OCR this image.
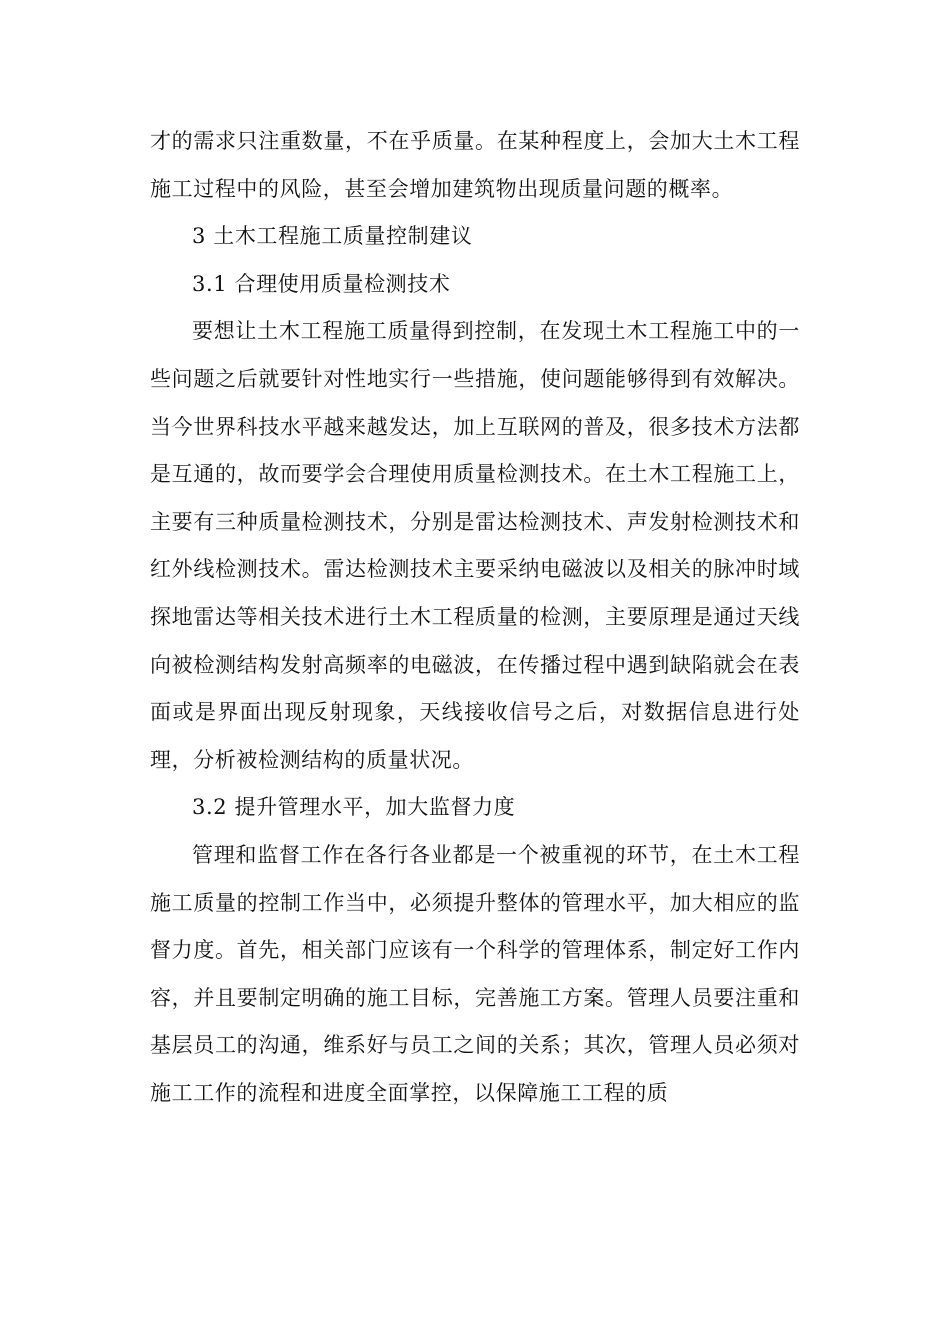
才的需求只注重数量，不在乎质量。在某种程度上，会加大土木工程施工过程中的风险，甚至会增加建筑物出现质量问题的概率。

3 土木工程施工质量控制建议

3.1 合理使用质量检测技术

要想让土木工程施工质量得到控制，在发现土木工程施工中的一些问题之后就要针对性地实行一些措施，使问题能够得到有效解决。当今世界科技水平越来越发达，加上互联网的普及，很多技术方法都是互通的，故而要学会合理使用质量检测技术。在土木工程施工上，主要有三种质量检测技术，分别是雷达检测技术、声发射检测技术和红外线检测技术。雷达检测技术主要采纳电磁波以及相关的脉冲时域探地雷达等相关技术进行土木工程质量的检测，主要原理是通过天线向被检测结构发射高频率的电磁波，在传播过程中遇到缺陷就会在表面或是界面出现反射现象，天线接收信号之后，对数据信息进行处理，分析被检测结构的质量状况。

3.2 提升管理水平，加大监督力度

管理和监督工作在各行各业都是一个被重视的环节，在土木工程施工质量的控制工作当中，必须提升整体的管理水平，加大相应的监督力度。首先，相关部门应该有一个科学的管理体系，制定好工作内容，并且要制定明确的施工目标，完善施工方案。管理人员要注重和基层员工的沟通，维系好与员工之间的关系；其次，管理人员必须对施工工作的流程和进度全面掌控，以保障施工工程的质
